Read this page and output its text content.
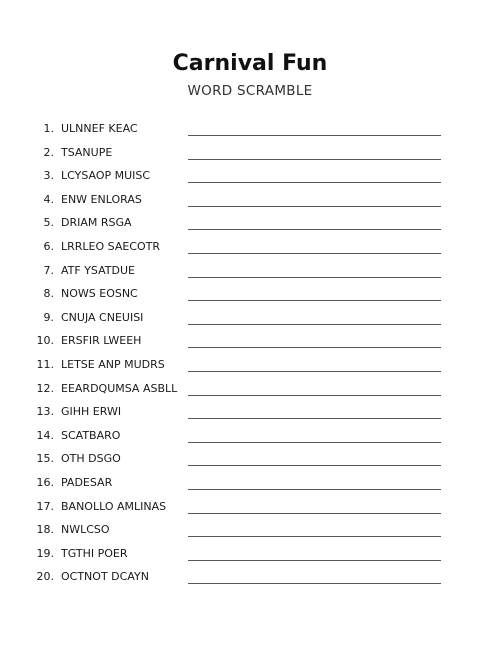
Carnival Fun
WORD SCRAMBLE
1. ULNNEF KEAC
2. TSANUPE
3. LCYSAOP MUISC
4. ENW ENLORAS
5. DRIAM RSGA
6. LRRLEO SAECOTR
7. ATF YSATDUE
8. NOWS EOSNC
9. CNUJA CNEUISI
10. ERSFIR LWEEH
11. LETSE ANP MUDRS
12. EEARDQUMSA ASBLL
13. GIHH ERWI
14. SCATBARO
15. OTH DSGO
16. PADESAR
17. BANOLLO AMLINAS
18. NWLCSO
19. TGTHI POER
20. OCTNOT DCAYN
